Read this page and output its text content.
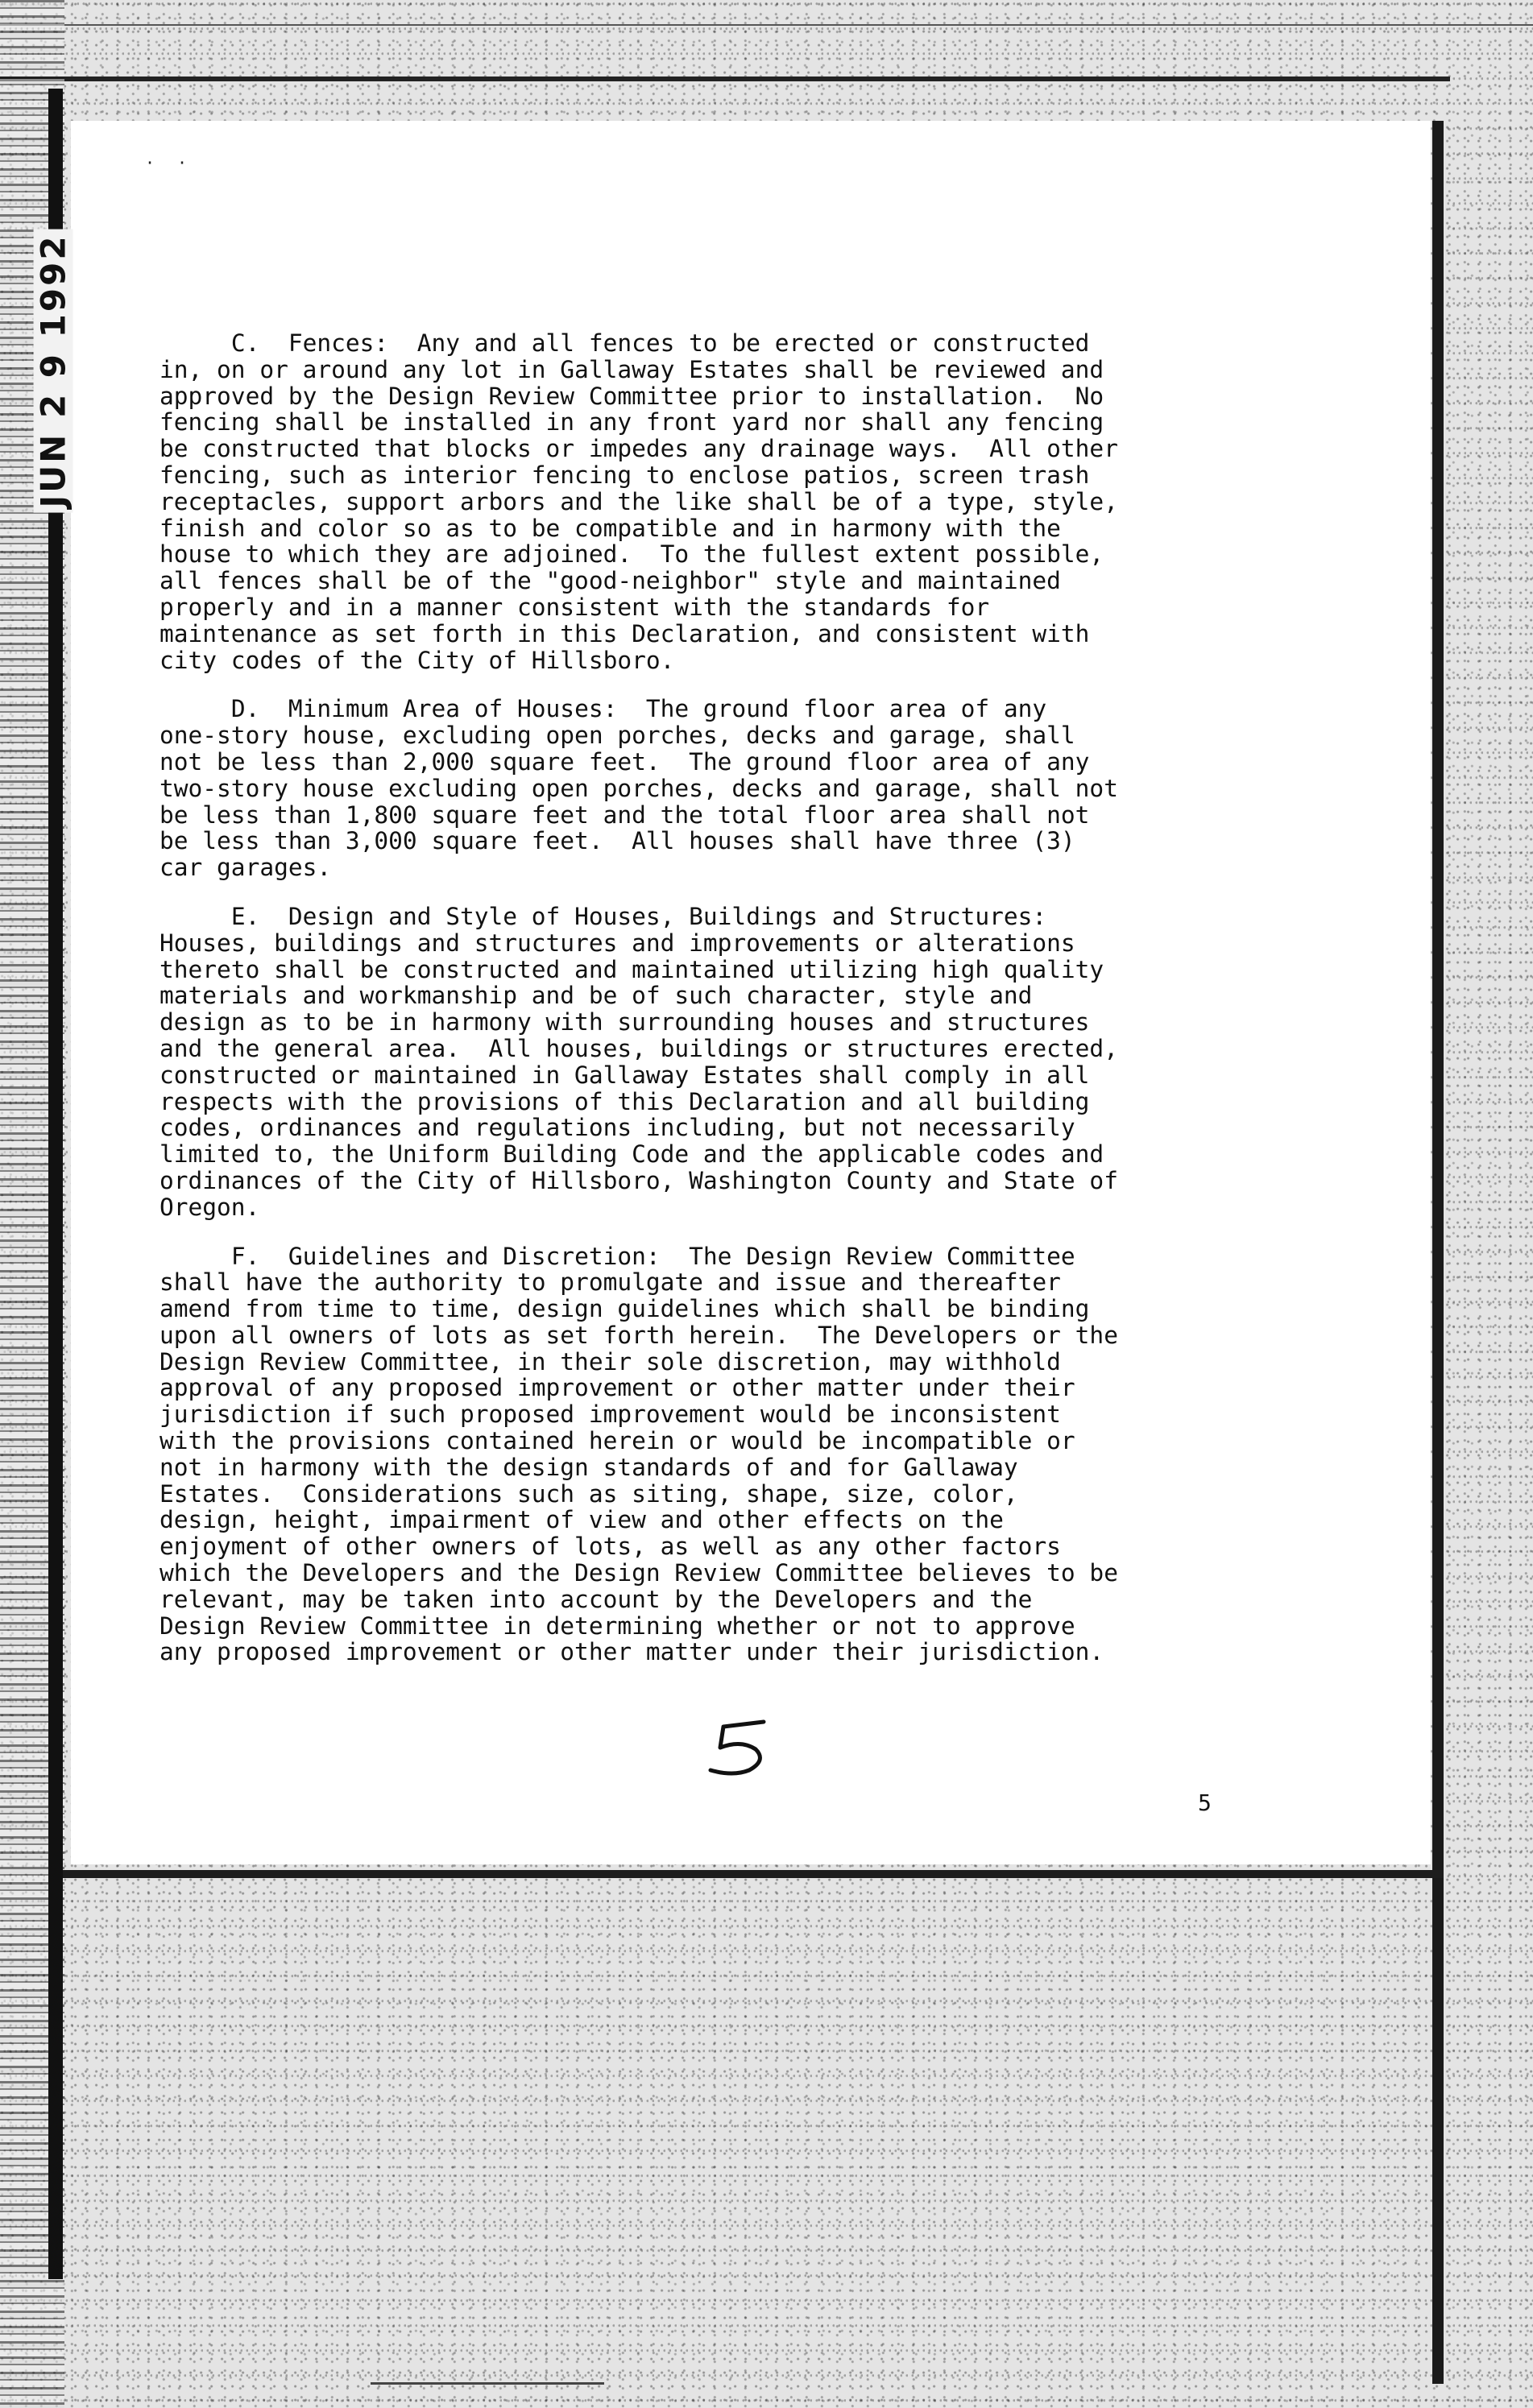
JUN 2 9 1992
··

C.  Fences:  Any and all fences to be erected or constructed
in, on or around any lot in Gallaway Estates shall be reviewed and
approved by the Design Review Committee prior to installation.  No
fencing shall be installed in any front yard nor shall any fencing
be constructed that blocks or impedes any drainage ways.  All other
fencing, such as interior fencing to enclose patios, screen trash
receptacles, support arbors and the like shall be of a type, style,
finish and color so as to be compatible and in harmony with the
house to which they are adjoined.  To the fullest extent possible,
all fences shall be of the "good-neighbor" style and maintained
properly and in a manner consistent with the standards for
maintenance as set forth in this Declaration, and consistent with
city codes of the City of Hillsboro.

D.  Minimum Area of Houses:  The ground floor area of any
one-story house, excluding open porches, decks and garage, shall
not be less than 2,000 square feet.  The ground floor area of any
two-story house excluding open porches, decks and garage, shall not
be less than 1,800 square feet and the total floor area shall not
be less than 3,000 square feet.  All houses shall have three (3)
car garages.

E.  Design and Style of Houses, Buildings and Structures:
Houses, buildings and structures and improvements or alterations
thereto shall be constructed and maintained utilizing high quality
materials and workmanship and be of such character, style and
design as to be in harmony with surrounding houses and structures
and the general area.  All houses, buildings or structures erected,
constructed or maintained in Gallaway Estates shall comply in all
respects with the provisions of this Declaration and all building
codes, ordinances and regulations including, but not necessarily
limited to, the Uniform Building Code and the applicable codes and
ordinances of the City of Hillsboro, Washington County and State of
Oregon.

F.  Guidelines and Discretion:  The Design Review Committee
shall have the authority to promulgate and issue and thereafter
amend from time to time, design guidelines which shall be binding
upon all owners of lots as set forth herein.  The Developers or the
Design Review Committee, in their sole discretion, may withhold
approval of any proposed improvement or other matter under their
jurisdiction if such proposed improvement would be inconsistent
with the provisions contained herein or would be incompatible or
not in harmony with the design standards of and for Gallaway
Estates.  Considerations such as siting, shape, size, color,
design, height, impairment of view and other effects on the
enjoyment of other owners of lots, as well as any other factors
which the Developers and the Design Review Committee believes to be
relevant, may be taken into account by the Developers and the
Design Review Committee in determining whether or not to approve
any proposed improvement or other matter under their jurisdiction.

5
